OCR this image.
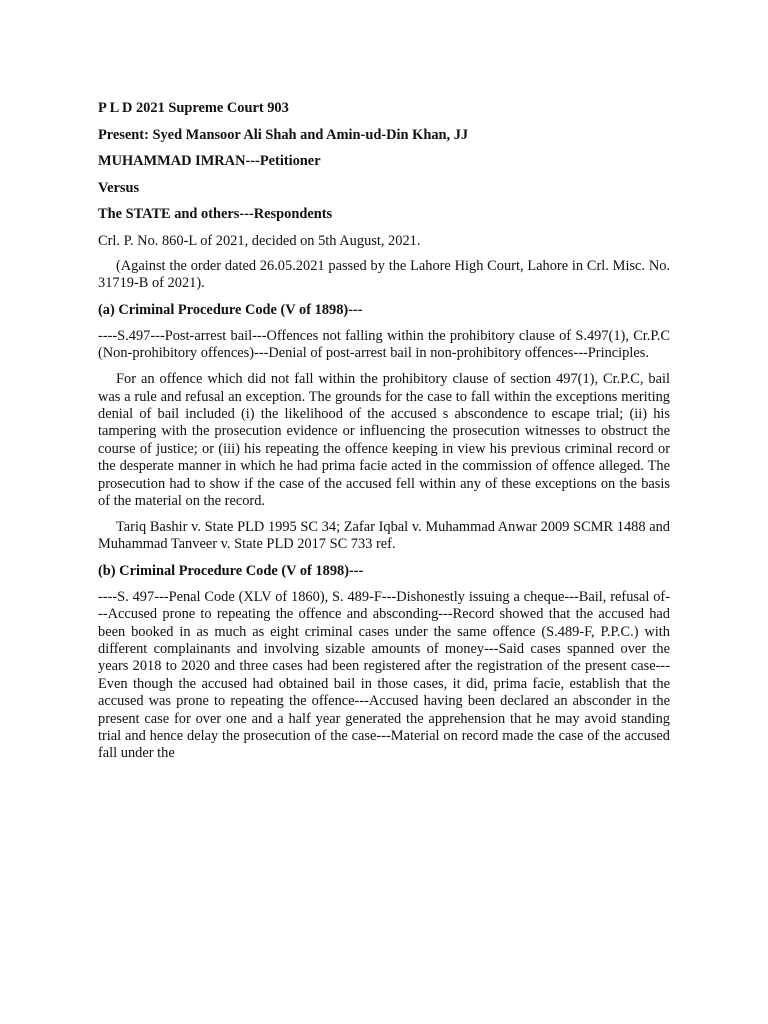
P L D 2021 Supreme Court 903
Present: Syed Mansoor Ali Shah and Amin-ud-Din Khan, JJ
MUHAMMAD IMRAN---Petitioner
Versus
The STATE and others---Respondents
Crl. P. No. 860-L of 2021, decided on 5th August, 2021.
(Against the order dated 26.05.2021 passed by the Lahore High Court, Lahore in Crl. Misc. No. 31719-B of 2021).
(a) Criminal Procedure Code (V of 1898)---
----S.497---Post-arrest bail---Offences not falling within the prohibitory clause of S.497(1), Cr.P.C (Non-prohibitory offences)---Denial of post-arrest bail in non-prohibitory offences---Principles.
For an offence which did not fall within the prohibitory clause of section 497(1), Cr.P.C, bail was a rule and refusal an exception. The grounds for the case to fall within the exceptions meriting denial of bail included (i) the likelihood of the accused s abscondence to escape trial; (ii) his tampering with the prosecution evidence or influencing the prosecution witnesses to obstruct the course of justice; or (iii) his repeating the offence keeping in view his previous criminal record or the desperate manner in which he had prima facie acted in the commission of offence alleged. The prosecution had to show if the case of the accused fell within any of these exceptions on the basis of the material on the record.
Tariq Bashir v. State PLD 1995 SC 34; Zafar Iqbal v. Muhammad Anwar 2009 SCMR 1488 and Muhammad Tanveer v. State PLD 2017 SC 733 ref.
(b) Criminal Procedure Code (V of 1898)---
----S. 497---Penal Code (XLV of 1860), S. 489-F---Dishonestly issuing a cheque---Bail, refusal of---Accused prone to repeating the offence and absconding---Record showed that the accused had been booked in as much as eight criminal cases under the same offence (S.489-F, P.P.C.) with different complainants and involving sizable amounts of money---Said cases spanned over the years 2018 to 2020 and three cases had been registered after the registration of the present case---Even though the accused had obtained bail in those cases, it did, prima facie, establish that the accused was prone to repeating the offence---Accused having been declared an absconder in the present case for over one and a half year generated the apprehension that he may avoid standing trial and hence delay the prosecution of the case---Material on record made the case of the accused fall under the
